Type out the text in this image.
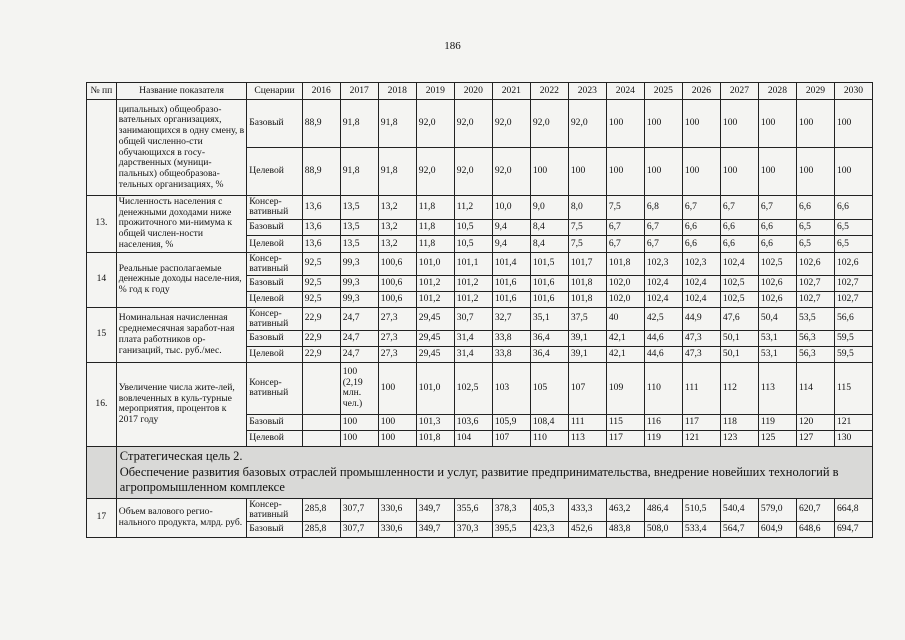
186
№ пп	Название показателя	Сценарии	2016	2017	2018	2019	2020	2021	2022	2023	2024	2025	2026	2027	2028	2029	2030
	ципальных) общеобразо-вательных организациях, занимающихся в одну смену, в общей численно-сти обучающихся в госу-дарственных (муници-пальных) общеобразова-тельных организациях, %	Базовый	88,9	91,8	91,8	92,0	92,0	92,0	92,0	92,0	100	100	100	100	100	100	100
		Целевой	88,9	91,8	91,8	92,0	92,0	92,0	100	100	100	100	100	100	100	100	100
13.	Численность населения с денежными доходами ниже прожиточного ми-нимума к общей числен-ности населения, %	Консер-вативный	13,6	13,5	13,2	11,8	11,2	10,0	9,0	8,0	7,5	6,8	6,7	6,7	6,7	6,6	6,6
		Базовый	13,6	13,5	13,2	11,8	10,5	9,4	8,4	7,5	6,7	6,7	6,6	6,6	6,6	6,5	6,5
		Целевой	13,6	13,5	13,2	11,8	10,5	9,4	8,4	7,5	6,7	6,7	6,6	6,6	6,6	6,5	6,5
14	Реальные располагаемые денежные доходы населе-ния, % год к году	Консер-вативный	92,5	99,3	100,6	101,0	101,1	101,4	101,5	101,7	101,8	102,3	102,3	102,4	102,5	102,6	102,6
		Базовый	92,5	99,3	100,6	101,2	101,2	101,6	101,6	101,8	102,0	102,4	102,4	102,5	102,6	102,7	102,7
		Целевой	92,5	99,3	100,6	101,2	101,2	101,6	101,6	101,8	102,0	102,4	102,4	102,5	102,6	102,7	102,7
15	Номинальная начисленная среднемесячная заработ-ная плата работников ор-ганизаций, тыс. руб./мес.	Консер-вативный	22,9	24,7	27,3	29,45	30,7	32,7	35,1	37,5	40	42,5	44,9	47,6	50,4	53,5	56,6
		Базовый	22,9	24,7	27,3	29,45	31,4	33,8	36,4	39,1	42,1	44,6	47,3	50,1	53,1	56,3	59,5
		Целевой	22,9	24,7	27,3	29,45	31,4	33,8	36,4	39,1	42,1	44,6	47,3	50,1	53,1	56,3	59,5
16.	Увеличение числа жите-лей, вовлеченных в куль-турные мероприятия, процентов к 2017 году	Консер-вативный		100 (2,19 млн. чел.)	100	101,0	102,5	103	105	107	109	110	111	112	113	114	115
		Базовый		100	100	101,3	103,6	105,9	108,4	111	115	116	117	118	119	120	121
		Целевой		100	100	101,8	104	107	110	113	117	119	121	123	125	127	130

	Стратегическая цель 2.
Обеспечение развития базовых отраслей промышленности и услуг, развитие предпринимательства, внедрение новейших технологий в агропромышленном комплексе																

17	Объем валового регио-нального продукта, млрд. руб.	Консер-вативный	285,8	307,7	330,6	349,7	355,6	378,3	405,3	433,3	463,2	486,4	510,5	540,4	579,0	620,7	664,8
		Базовый	285,8	307,7	330,6	349,7	370,3	395,5	423,3	452,6	483,8	508,0	533,4	564,7	604,9	648,6	694,7
